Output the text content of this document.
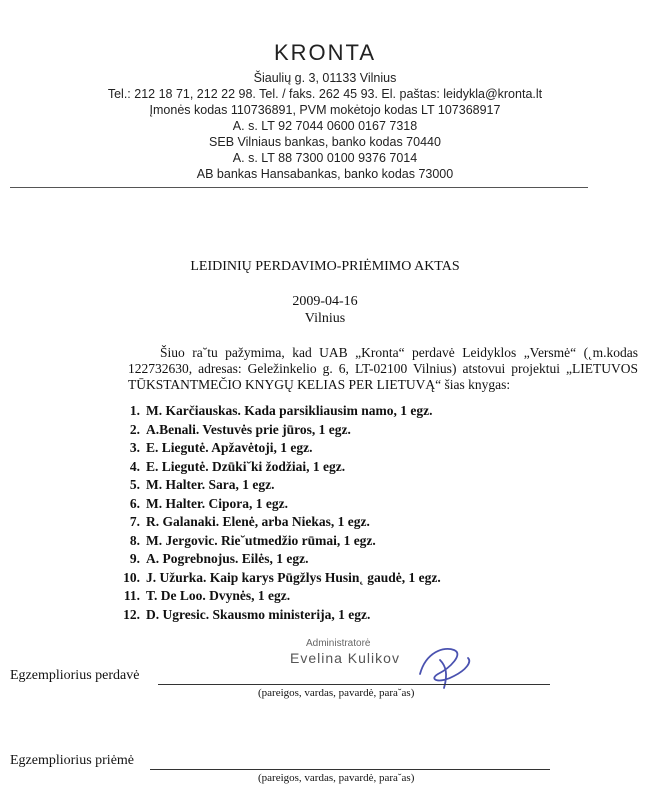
KRONTA
Šiaulių g. 3, 01133 Vilnius
Tel.: 212 18 71, 212 22 98. Tel. / faks. 262 45 93. El. paštas: leidykla@kronta.lt
Įmonės kodas 110736891, PVM mokėtojo kodas LT 107368917
A. s. LT 92 7044 0600 0167 7318
SEB Vilniaus bankas, banko kodas 70440
A. s. LT 88 7300 0100 9376 7014
AB bankas Hansabankas, banko kodas 73000
LEIDINIŲ PERDAVIMO-PRIĖMIMO AKTAS
2009-04-16
Vilnius
Šiuo ra˘tu pažymima, kad UAB „Kronta“ perdavė Leidyklos „Versmė“ (˛m.kodas 122732630, adresas: Geležinkelio g. 6, LT-02100 Vilnius) atstovui projektui „LIETUVOS TŪKSTANTMEČIO KNYGŲ KELIAS PER LIETUVĄ“ šias knygas:
1. M. Karčiauskas. Kada parsikliausim namo, 1 egz.
2. A.Benali. Vestuvės prie jūros, 1 egz.
3. E. Liegutė. Apžavėtoji, 1 egz.
4. E. Liegutė. Dzūki˘ki žodžiai, 1 egz.
5. M. Halter. Sara, 1 egz.
6. M. Halter. Cipora, 1 egz.
7. R. Galanaki. Elenė, arba Niekas, 1 egz.
8. M. Jergovic. Rie˘utmedžio rūmai, 1 egz.
9. A. Pogrebnojus. Eilės, 1 egz.
10. J. Užurka. Kaip karys Pūgžlys Husin˛ gaudė, 1 egz.
11. T. De Loo. Dvynės, 1 egz.
12. D. Ugresic. Skausmo ministerija, 1 egz.
Administratorė
Evelina Kulikov
Egzempliorius perdavė
(pareigos, vardas, pavardė, para˘as)
Egzempliorius priėmė
(pareigos, vardas, pavardė, para˘as)
